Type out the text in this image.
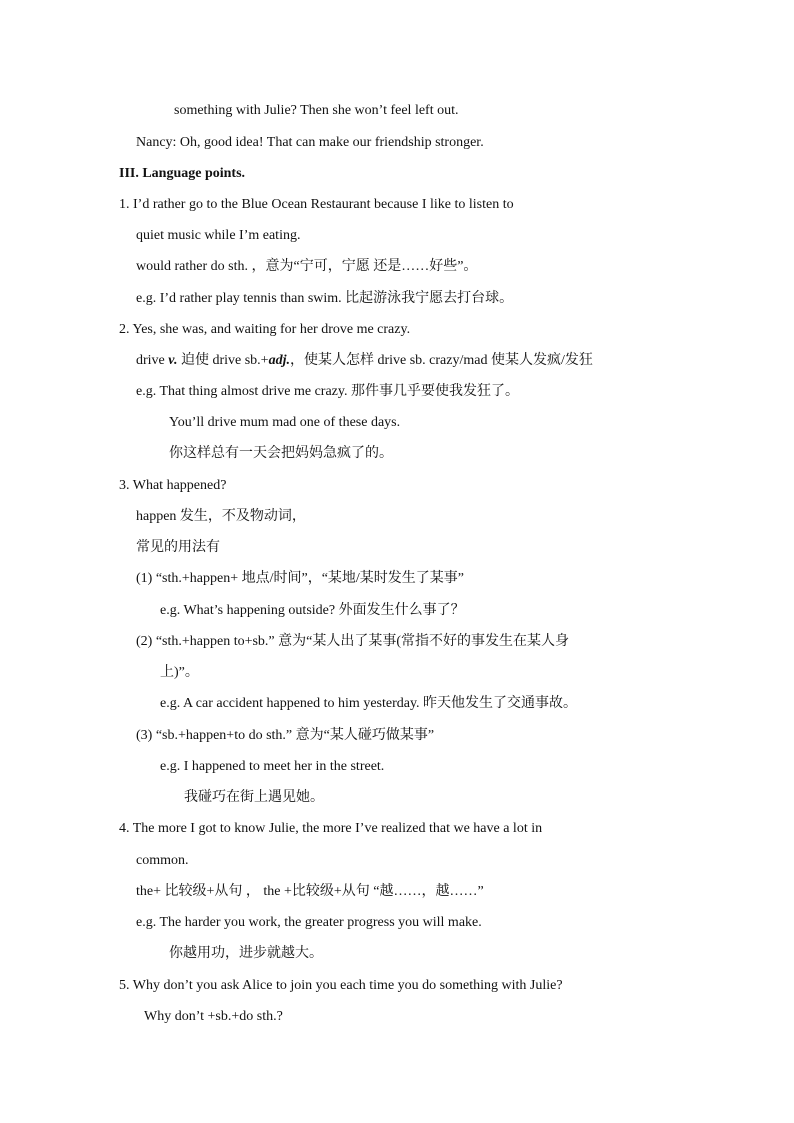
something with Julie? Then she won’t feel left out.
Nancy: Oh, good idea! That can make our friendship stronger.
III. Language points.
1. I’d rather go to the Blue Ocean Restaurant because I like to listen to
quiet music while I’m eating.
would rather do sth. ，意为“宁可，宁愿 还是……好些”。
e.g. I’d rather play tennis than swim. 比起游泳我宁愿去打台球。
2. Yes, she was, and waiting for her drove me crazy.
drive v. 迫使 drive sb.+adj.，使某人怎样 drive sb. crazy/mad 使某人发疯/发狂
e.g. That thing almost drive me crazy. 那件事几乎要使我发狂了。
You’ll drive mum mad one of these days.
你这样总有一天会把妈妈急疯了的。
3. What happened?
happen 发生，不及物动词，
常见的用法有
(1) “sth.+happen+ 地点/时间”，“某地/某时发生了某事”
e.g. What’s happening outside? 外面发生什么事了？
(2) “sth.+happen to+sb.” 意为“某人出了某事(常指不好的事发生在某人身
上)”。
e.g. A car accident happened to him yesterday. 昨天他发生了交通事故。
(3) “sb.+happen+to do sth.” 意为“某人碰巧做某事”
e.g. I happened to meet her in the street.
我碰巧在街上遇见她。
4. The more I got to know Julie, the more I’ve realized that we have a lot in
common.
the+ 比较级+从句 ， the +比较级+从句 “越……，越……”
e.g. The harder you work, the greater progress you will make.
你越用功，进步就越大。
5. Why don’t you ask Alice to join you each time you do something with Julie?
Why don’t +sb.+do sth.?
